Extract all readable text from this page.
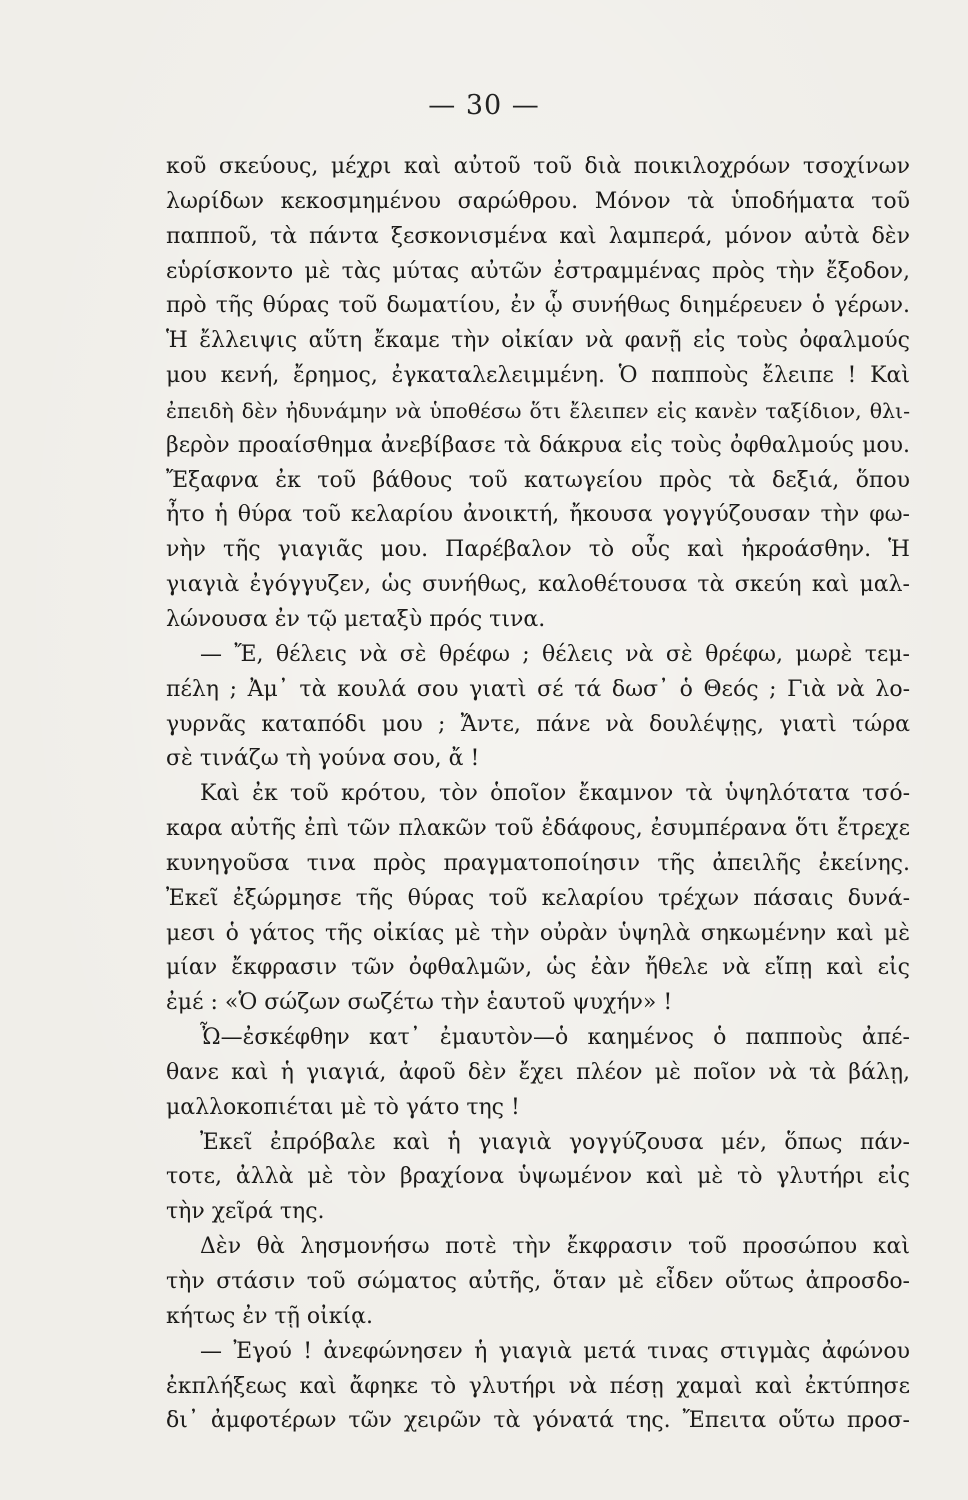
— 30 —
κοῦ σκεύους, μέχρι καὶ αὐτοῦ τοῦ διὰ ποικιλοχρόων τσοχίνων
λωρίδων κεκοσμημένου σαρώθρου. Μόνον τὰ ὑποδήματα τοῦ
παπποῦ, τὰ πάντα ξεσκονισμένα καὶ λαμπερά, μόνον αὐτὰ δὲν
εὑρίσκοντο μὲ τὰς μύτας αὐτῶν ἐστραμμένας πρὸς τὴν ἔξοδον,
πρὸ τῆς θύρας τοῦ δωματίου, ἐν ᾧ συνήθως διημέρευεν ὁ γέρων.
Ἡ ἔλλειψις αὕτη ἔκαμε τὴν οἰκίαν νὰ φανῇ εἰς τοὺς ὀφαλμούς
μου κενή, ἔρημος, ἐγκαταλελειμμένη. Ὁ παπποὺς ἔλειπε ! Καὶ
ἐπειδὴ δὲν ἠδυνάμην νὰ ὑποθέσω ὅτι ἔλειπεν εἰς κανὲν ταξίδιον, θλι-
βερὸν προαίσθημα ἀνεβίβασε τὰ δάκρυα εἰς τοὺς ὀφθαλμούς μου.
Ἔξαφνα ἐκ τοῦ βάθους τοῦ κατωγείου πρὸς τὰ δεξιά, ὅπου
ἦτο ἡ θύρα τοῦ κελαρίου ἀνοικτή, ἤκουσα γογγύζουσαν τὴν φω-
νὴν τῆς γιαγιᾶς μου. Παρέβαλον τὸ οὖς καὶ ἠκροάσθην. Ἡ
γιαγιὰ ἐγόγγυζεν, ὡς συνήθως, καλοθέτουσα τὰ σκεύη καὶ μαλ-
λώνουσα ἐν τῷ μεταξὺ πρός τινα.
— Ἔ, θέλεις νὰ σὲ θρέφω ; θέλεις νὰ σὲ θρέφω, μωρὲ τεμ-
πέλη ; Ἀμ᾿ τὰ κουλά σου γιατὶ σέ τά δωσ᾿ ὁ Θεός ; Γιὰ νὰ λο-
γυρνᾶς καταπόδι μου ; Ἄντε, πάνε νὰ δουλέψῃς, γιατὶ τώρα
σὲ τινάζω τὴ γούνα σου, ἄ !
Καὶ ἐκ τοῦ κρότου, τὸν ὁποῖον ἔκαμνον τὰ ὑψηλότατα τσό-
καρα αὐτῆς ἐπὶ τῶν πλακῶν τοῦ ἐδάφους, ἐσυμπέρανα ὅτι ἔτρεχε
κυνηγοῦσα τινα πρὸς πραγματοποίησιν τῆς ἀπειλῆς ἐκείνης.
Ἐκεῖ ἐξώρμησε τῆς θύρας τοῦ κελαρίου τρέχων πάσαις δυνά-
μεσι ὁ γάτος τῆς οἰκίας μὲ τὴν οὐρὰν ὑψηλὰ σηκωμένην καὶ μὲ
μίαν ἔκφρασιν τῶν ὀφθαλμῶν, ὡς ἐὰν ἤθελε νὰ εἴπῃ καὶ εἰς
ἐμέ : «Ὁ σώζων σωζέτω τὴν ἑαυτοῦ ψυχήν» !
Ὦ—ἐσκέφθην κατ᾿ ἐμαυτὸν—ὁ καημένος ὁ παπποὺς ἀπέ-
θανε καὶ ἡ γιαγιά, ἀφοῦ δὲν ἔχει πλέον μὲ ποῖον νὰ τὰ βάλῃ,
μαλλοκοπιέται μὲ τὸ γάτο της !
Ἐκεῖ ἐπρόβαλε καὶ ἡ γιαγιὰ γογγύζουσα μέν, ὅπως πάν-
τοτε, ἀλλὰ μὲ τὸν βραχίονα ὑψωμένον καὶ μὲ τὸ γλυτήρι εἰς
τὴν χεῖρά της.
Δὲν θὰ λησμονήσω ποτὲ τὴν ἔκφρασιν τοῦ προσώπου καὶ
τὴν στάσιν τοῦ σώματος αὐτῆς, ὅταν μὲ εἶδεν οὕτως ἀπροσδο-
κήτως ἐν τῇ οἰκίᾳ.
— Ἐγού ! ἀνεφώνησεν ἡ γιαγιὰ μετά τινας στιγμὰς ἀφώνου
ἐκπλήξεως καὶ ἄφηκε τὸ γλυτήρι νὰ πέσῃ χαμαὶ καὶ ἐκτύπησε
δι᾿ ἀμφοτέρων τῶν χειρῶν τὰ γόνατά της. Ἔπειτα οὕτω προσ-
